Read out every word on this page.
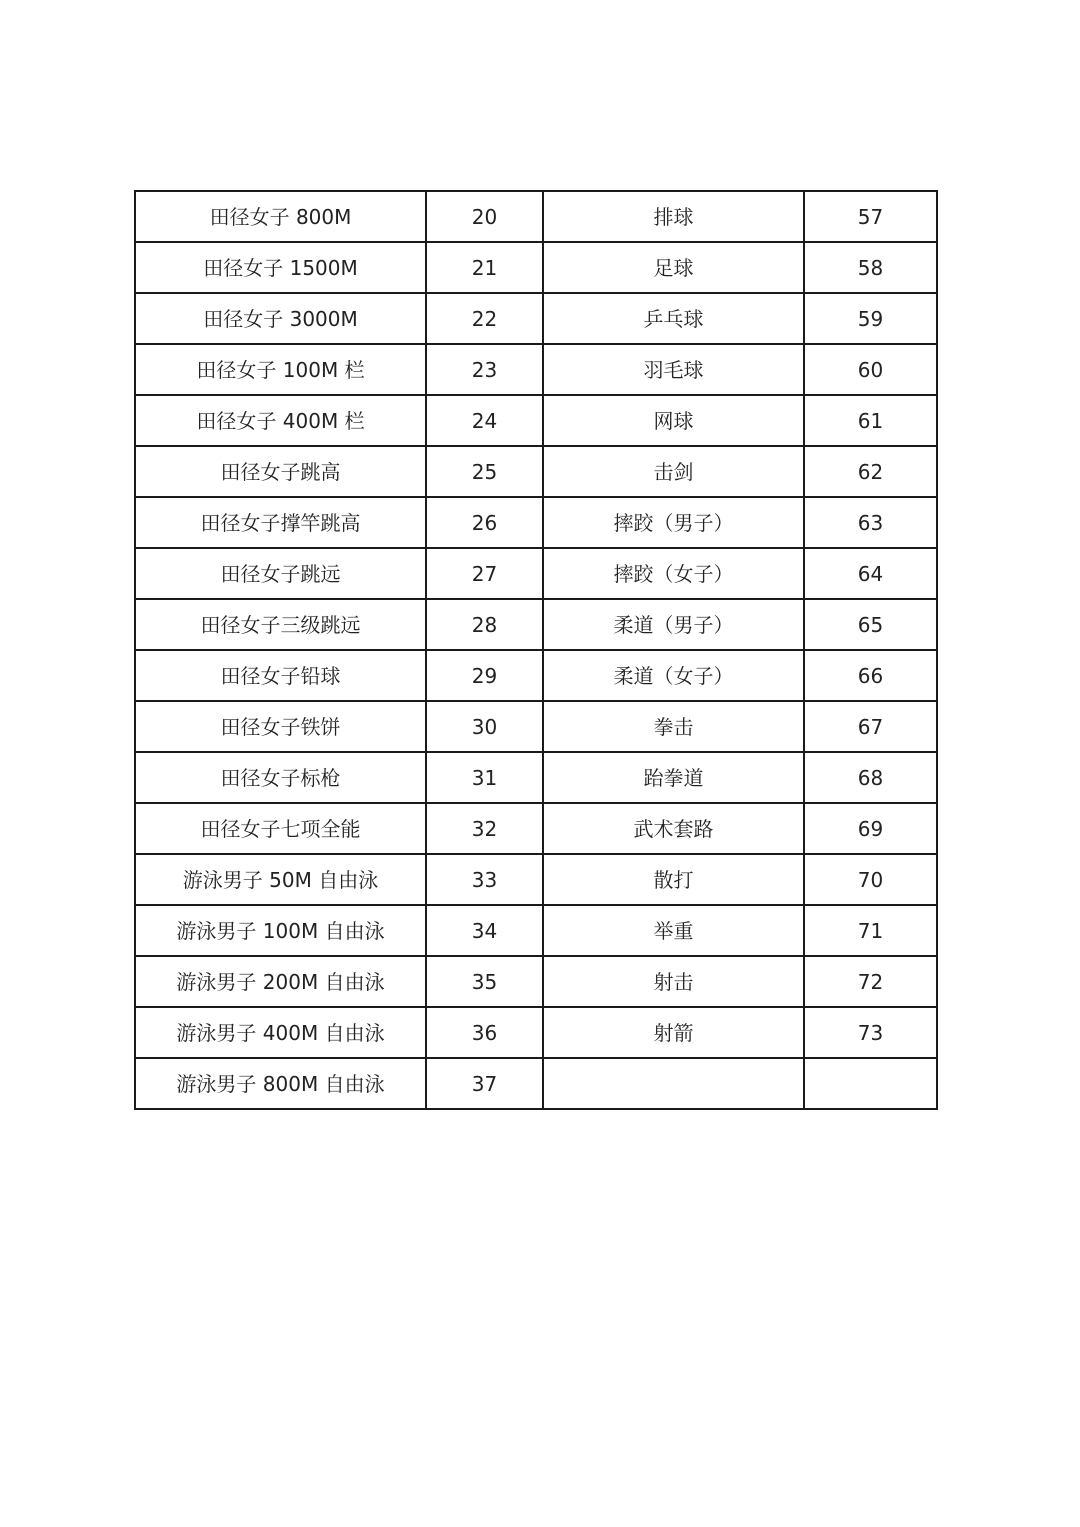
田径女子 800M	20	排球	57
田径女子 1500M	21	足球	58
田径女子 3000M	22	乒乓球	59
田径女子 100M 栏	23	羽毛球	60
田径女子 400M 栏	24	网球	61
田径女子跳高	25	击剑	62
田径女子撑竿跳高	26	摔跤（男子）	63
田径女子跳远	27	摔跤（女子）	64
田径女子三级跳远	28	柔道（男子）	65
田径女子铅球	29	柔道（女子）	66
田径女子铁饼	30	拳击	67
田径女子标枪	31	跆拳道	68
田径女子七项全能	32	武术套路	69
游泳男子 50M 自由泳	33	散打	70
游泳男子 100M 自由泳	34	举重	71
游泳男子 200M 自由泳	35	射击	72
游泳男子 400M 自由泳	36	射箭	73
游泳男子 800M 自由泳	37		
